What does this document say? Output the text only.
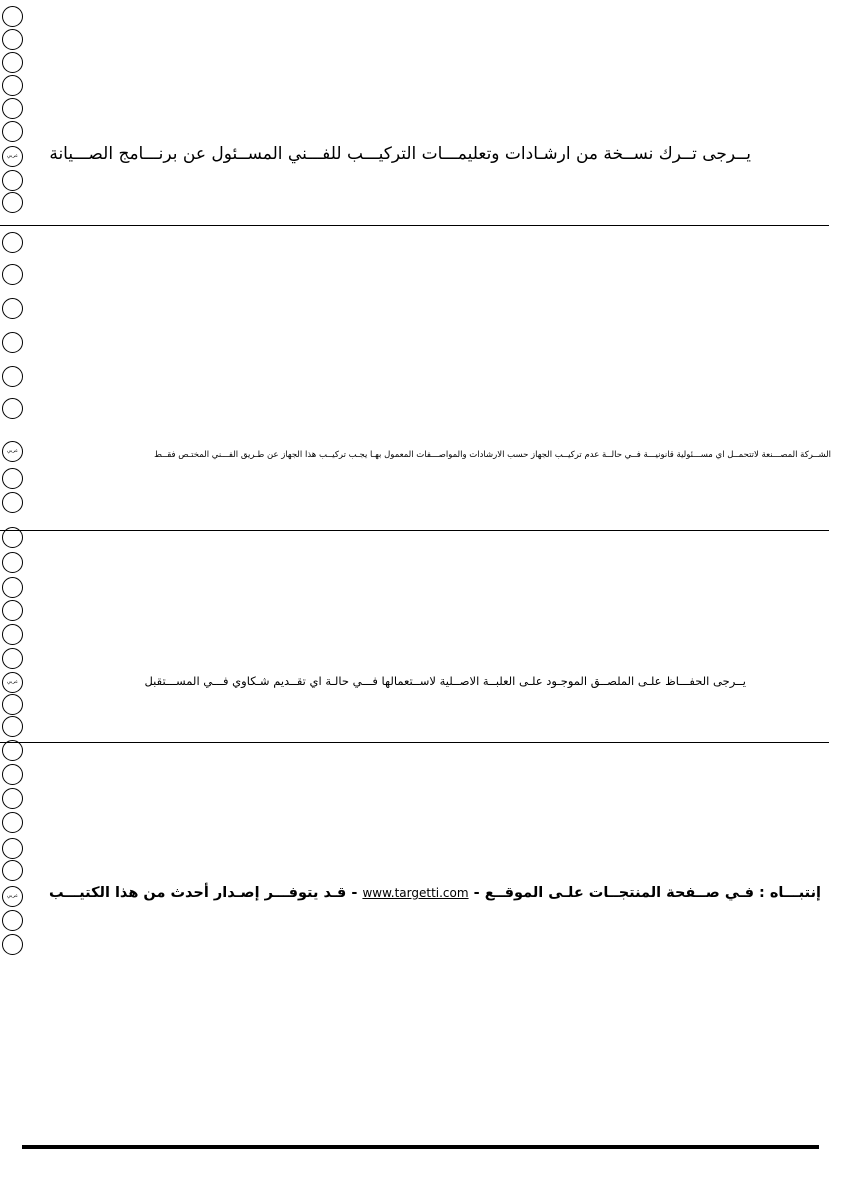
عربي
عربي
عربي
عربي
يــرجى تــرك نســخة من ارشـادات وتعليمـــات التركيـــب للفـــني المســئول عن برنـــامج الصـــيانة
الشــركة المصـــنعة لاتتحمــل اي مســـئولية قانونيـــة فــي حالــة عدم تركيــب الجهاز حسب الارشادات والمواصـــفات المعمول بهـا يجـب تركيــب هذا الجهاز عن طـريق الفـــني المختـص فقــط
يــرجى الحفـــاظ علـى الملصــق الموجـود علـى العلبــة الاصــلية لاســتعمالها فـــي حالـة اي تقــديم شـكاوي فـــي المســـتقبل
إنتبـــاه : فـي صــفحة المنتجــات علـى الموقــع - www.targetti.com - قـد يتوفـــر إصـدار أحدث من هذا الكتيـــب
